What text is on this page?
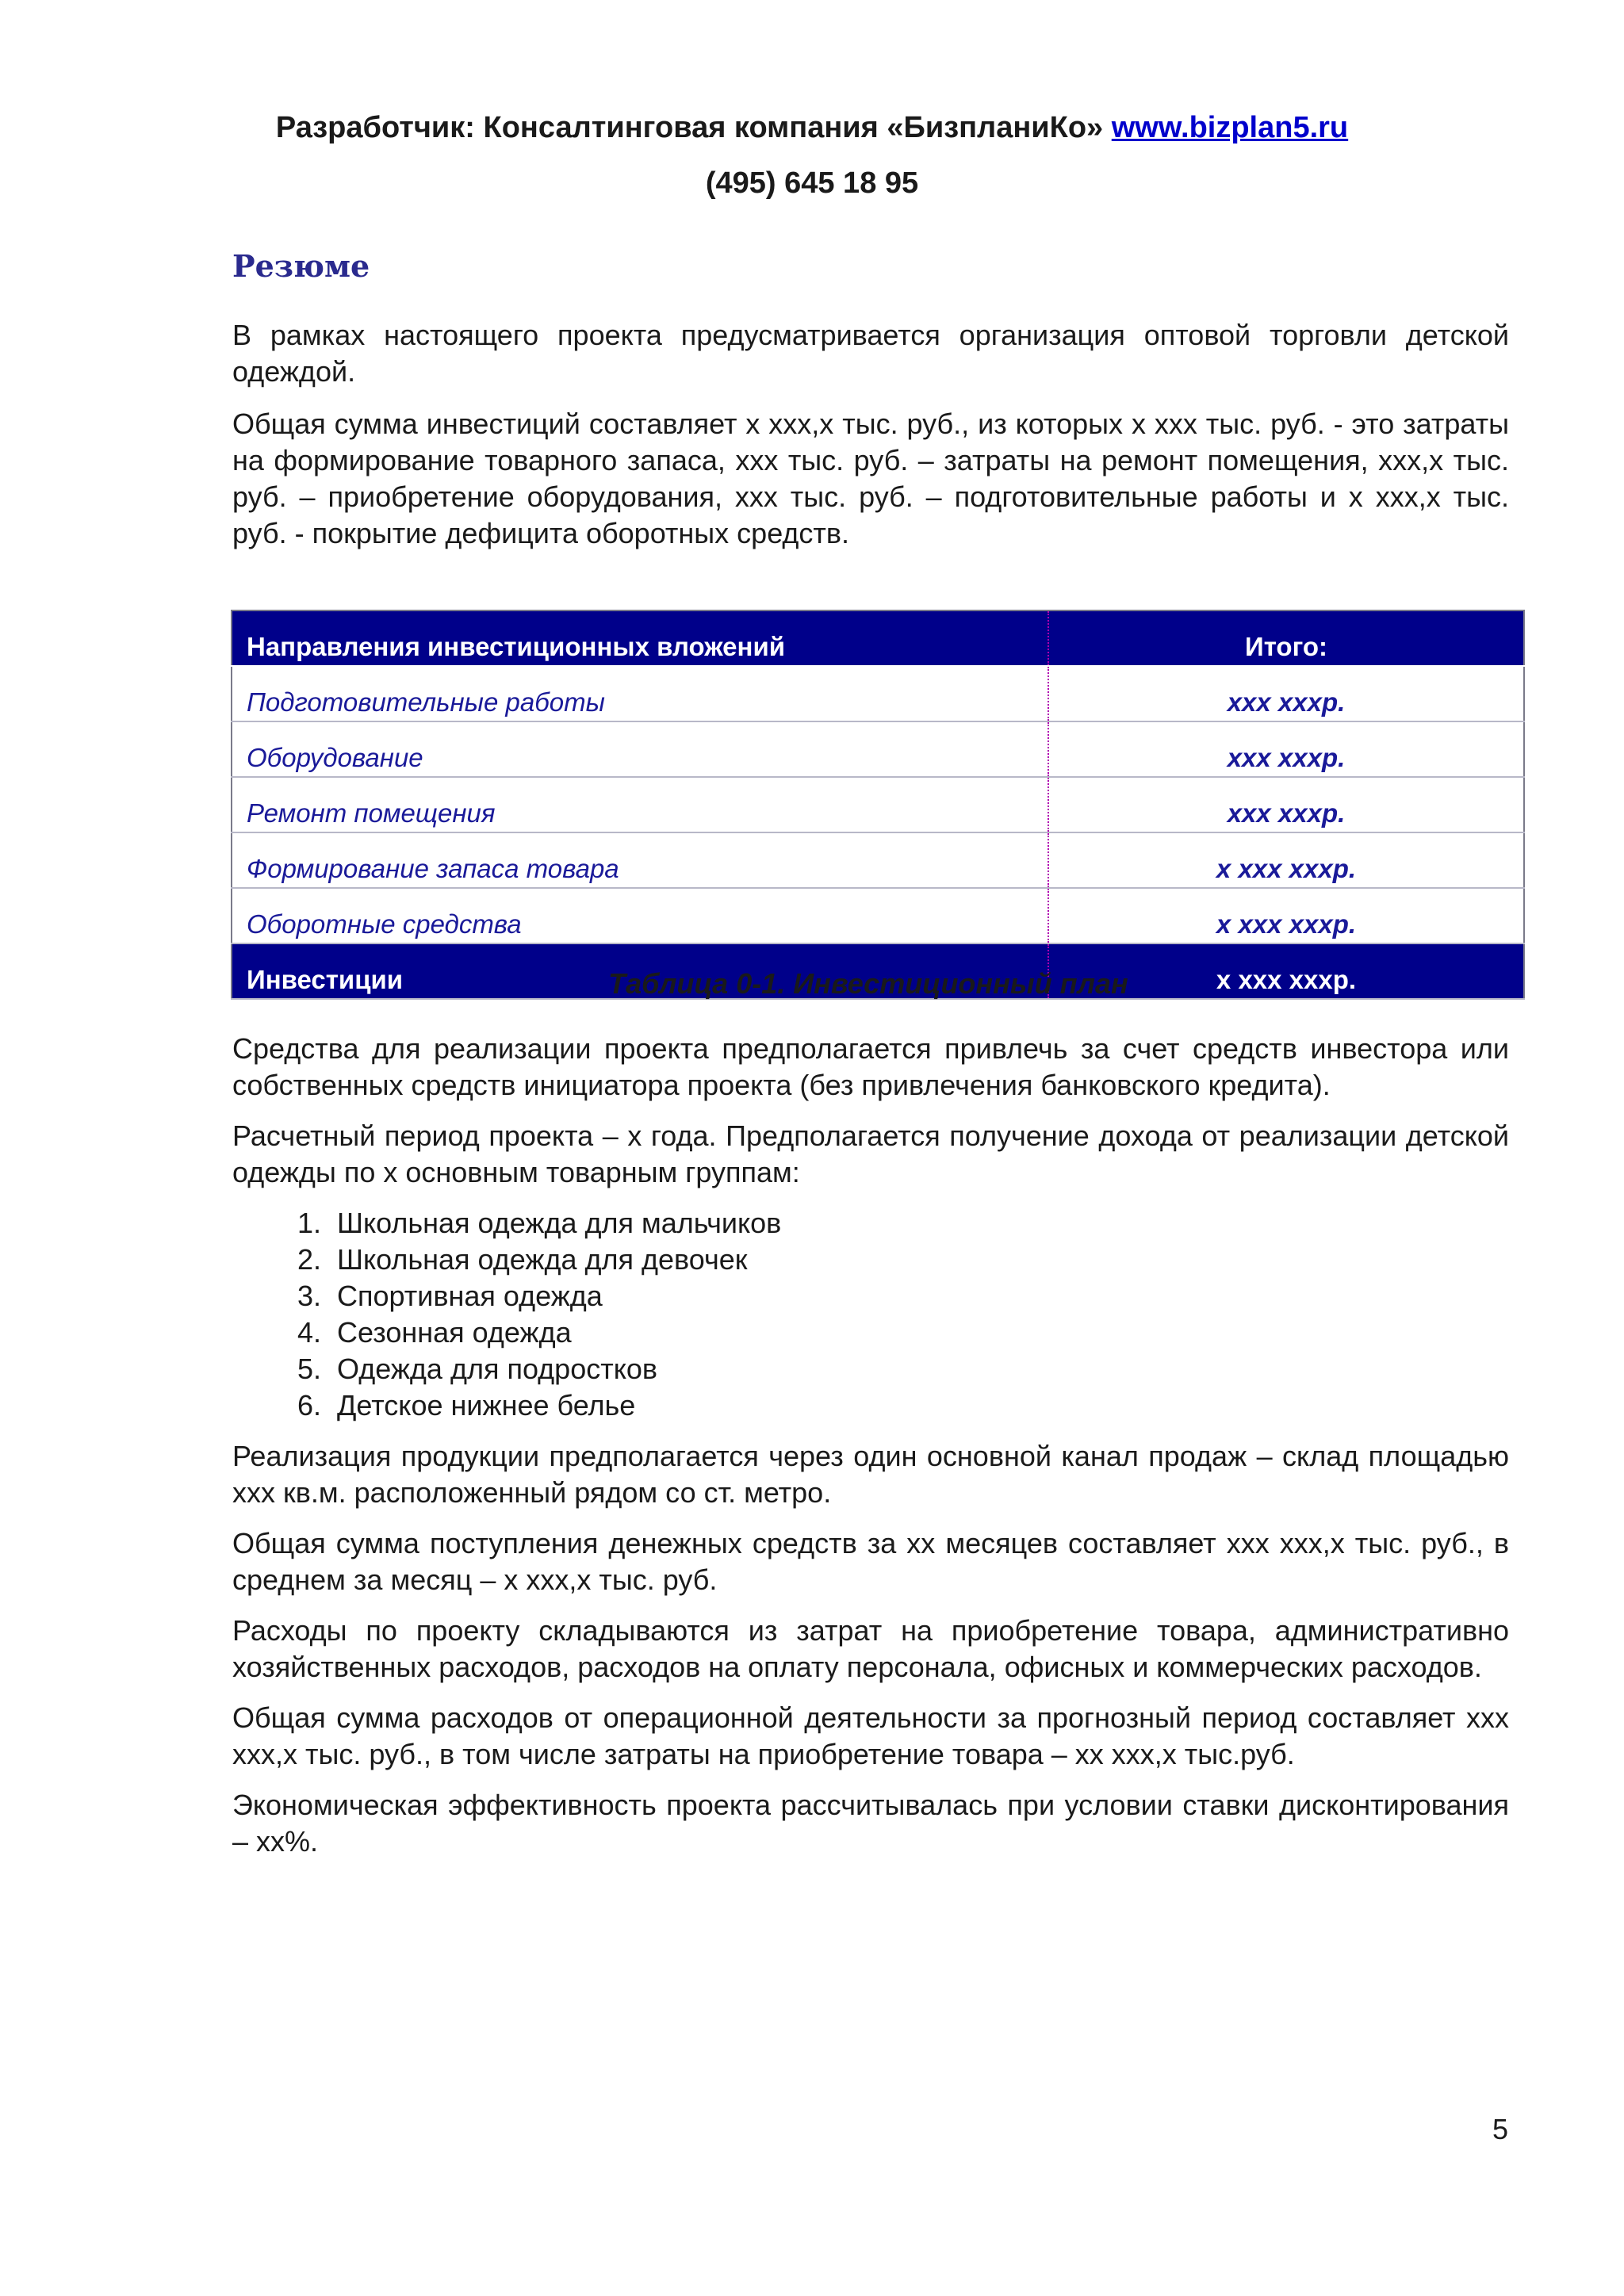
Разработчик: Консалтинговая компания «БизпланиКо» www.bizplan5.ru
(495) 645 18 95
Резюме

В рамках настоящего проекта предусматривается организация оптовой торговли детской одеждой.

Общая сумма инвестиций составляет х ххх,х тыс. руб., из которых х ххх тыс. руб. - это затраты на формирование товарного запаса, ххх тыс. руб. – затраты на ремонт помещения, ххх,х тыс. руб. – приобретение оборудования, ххх тыс. руб. – подготовительные работы и х ххх,х тыс. руб. - покрытие дефицита оборотных средств.

Направления инвестиционных вложений	Итого:
Подготовительные работы	ххх хххр.
Оборудование	ххх хххр.
Ремонт помещения	ххх хххр.
Формирование запаса товара	х ххх хххр.
Оборотные средства	х ххх хххр.
Инвестиции	х ххх хххр.
Таблица 0-1. Инвестиционный план

Средства для реализации проекта предполагается привлечь за счет средств инвестора или собственных средств инициатора проекта (без привлечения банковского кредита).

Расчетный период проекта – х года. Предполагается получение дохода от реализации детской одежды по х основным товарным группам:

1. Школьная одежда для мальчиков
2. Школьная одежда для девочек
3. Спортивная одежда
4. Сезонная одежда
5. Одежда для подростков
6. Детское нижнее белье

Реализация продукции предполагается через один основной канал продаж – склад площадью ххх кв.м. расположенный рядом со ст. метро.

Общая сумма поступления денежных средств за хх месяцев составляет ххх ххх,х тыс. руб., в среднем за месяц – х ххх,х тыс. руб.

Расходы по проекту складываются из затрат на приобретение товара, административно хозяйственных расходов, расходов на оплату персонала, офисных и коммерческих расходов.

Общая сумма расходов от операционной деятельности за прогнозный период составляет ххх ххх,х тыс. руб., в том числе затраты на приобретение товара – хх ххх,х тыс.руб.

Экономическая эффективность проекта рассчитывалась при условии ставки дисконтирования – хх%.

5
